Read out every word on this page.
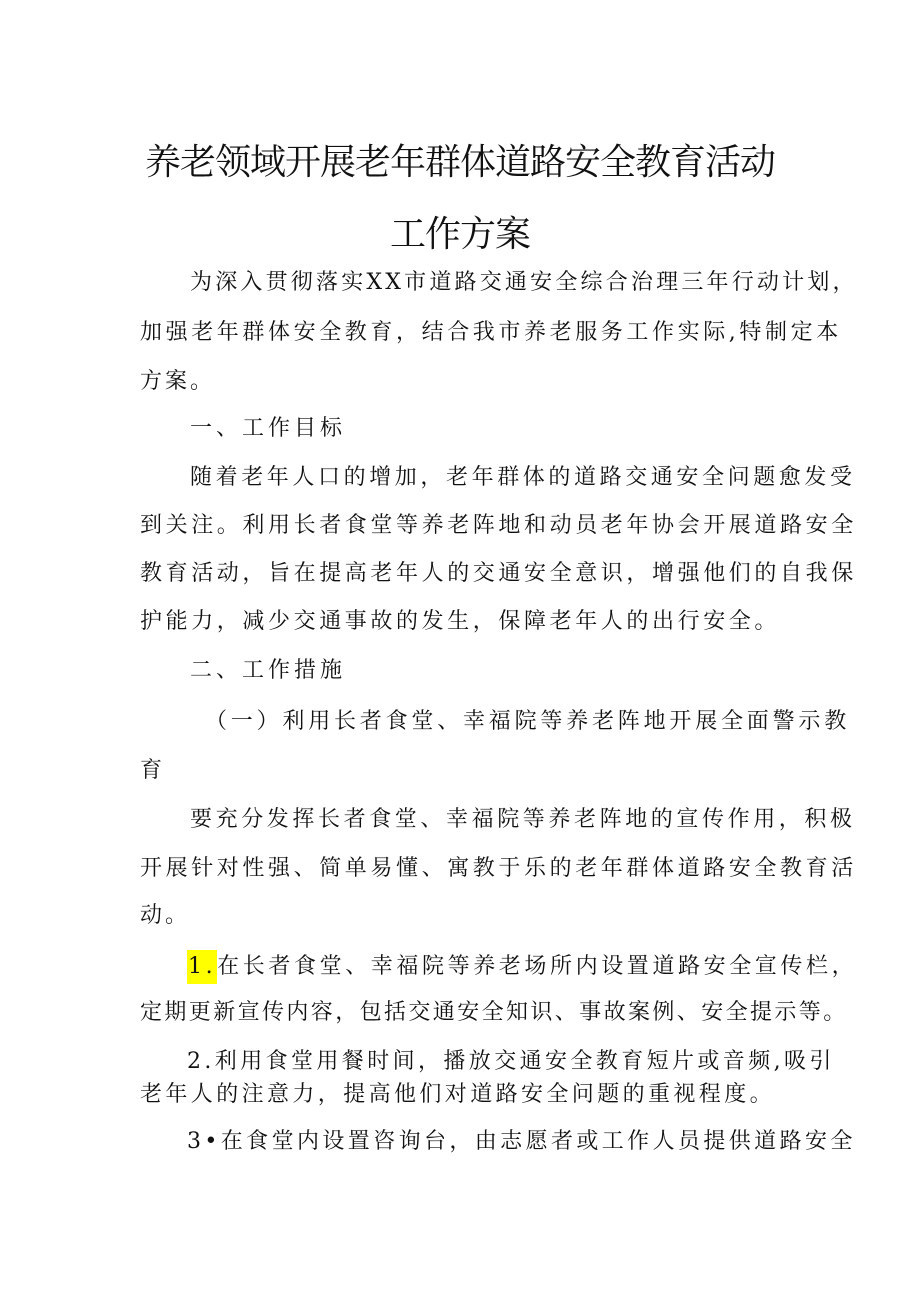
养老领域开展老年群体道路安全教育活动
工作方案

为深入贯彻落实XX市道路交通安全综合治理三年行动计划，

加强老年群体安全教育，结合我市养老服务工作实际,特制定本

方案。

一、工作目标

随着老年人口的增加，老年群体的道路交通安全问题愈发受

到关注。利用长者食堂等养老阵地和动员老年协会开展道路安全

教育活动，旨在提高老年人的交通安全意识，增强他们的自我保

护能力，减少交通事故的发生，保障老年人的出行安全。

二、工作措施

（一）利用长者食堂、幸福院等养老阵地开展全面警示教

育

要充分发挥长者食堂、幸福院等养老阵地的宣传作用，积极

开展针对性强、简单易懂、寓教于乐的老年群体道路安全教育活

动。

1.在长者食堂、幸福院等养老场所内设置道路安全宣传栏，

定期更新宣传内容，包括交通安全知识、事故案例、安全提示等。

2.利用食堂用餐时间，播放交通安全教育短片或音频,吸引

老年人的注意力，提高他们对道路安全问题的重视程度。

3•在食堂内设置咨询台，由志愿者或工作人员提供道路安全
